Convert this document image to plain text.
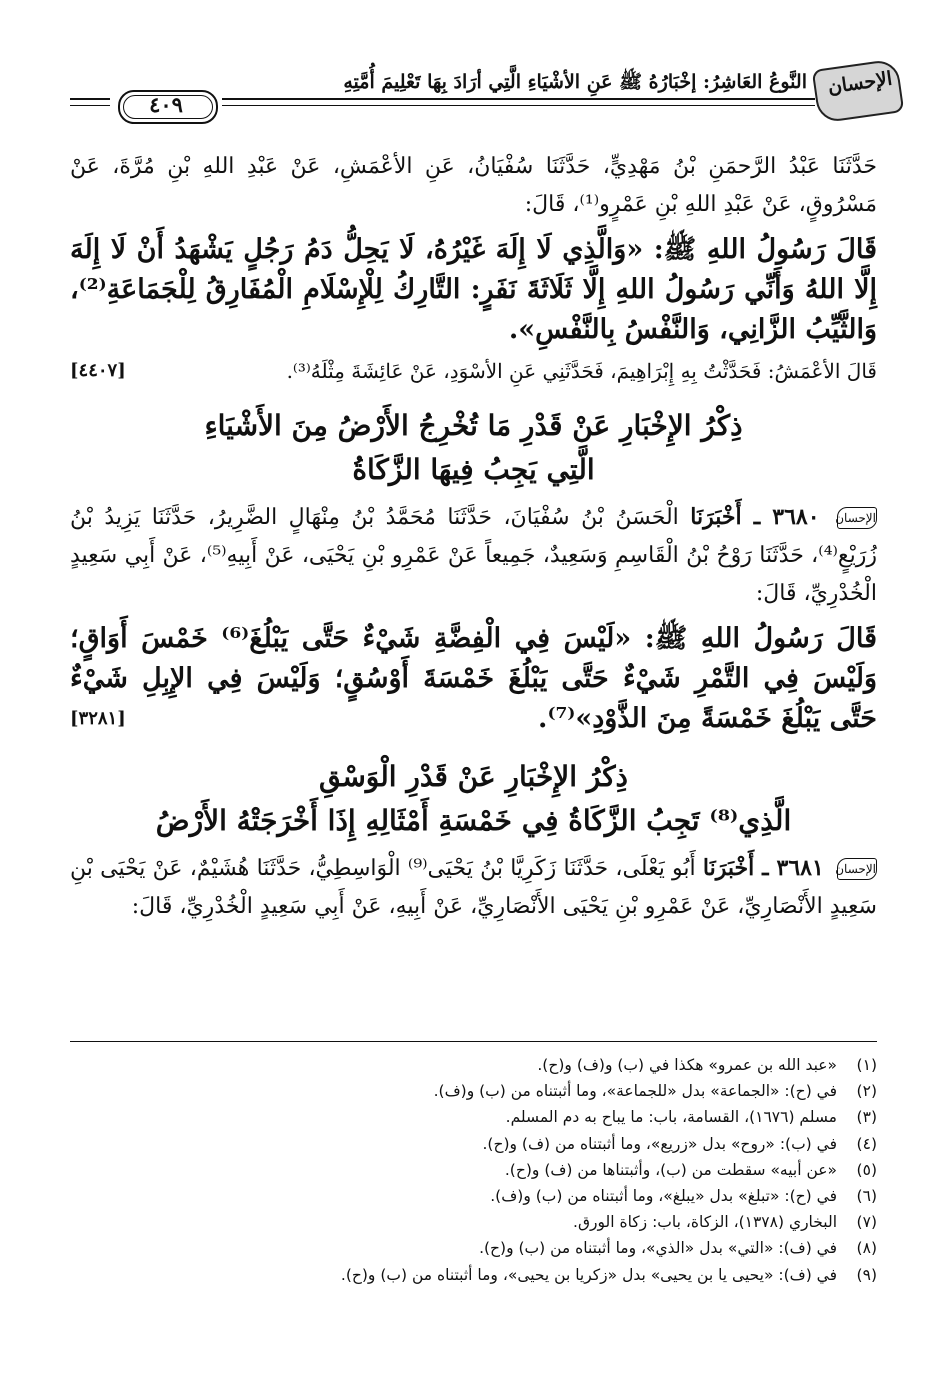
الإحسان
النَّوعُ العَاشِرُ: إخْبَارُهُ ﷺ عَنِ الأشْيَاءِ الَّتِي أرَادَ بِهَا تَعْلِيمَ أُمَّتِهِ
٤٠٩

حَدَّثَنَا عَبْدُ الرَّحمَنِ بْنُ مَهْدِيٍّ، حَدَّثَنَا سُفْيَانُ، عَنِ الأعْمَشِ، عَنْ عَبْدِ اللهِ بْنِ مُرَّةَ، عَنْ مَسْرُوقٍ، عَنْ عَبْدِ اللهِ بْنِ عَمْرٍو⁽¹⁾، قَالَ:

قَالَ رَسُولُ اللهِ ﷺ: «وَالَّذِي لَا إِلَهَ غَيْرُهُ، لَا يَحِلُّ دَمُ رَجُلٍ يَشْهَدُ أَنْ لَا إِلَهَ إِلَّا اللهُ وَأَنِّي رَسُولُ اللهِ إِلَّا ثَلَاثَةَ نَفَرٍ: التَّارِكُ لِلْإِسْلَامِ الْمُفَارِقُ لِلْجَمَاعَةِ⁽²⁾، وَالثَّيِّبُ الزَّانِي، وَالنَّفْسُ بِالنَّفْسِ».

قَالَ الأعْمَشُ: فَحَدَّثْتُ بِهِ إِبْرَاهِيمَ، فَحَدَّثَنِي عَنِ الأسْوَدِ، عَنْ عَائِشَةَ مِثْلَهُ⁽³⁾.
[٤٤٠٧]
ذِكْرُ الإِخْبَارِ عَنْ قَدْرِ مَا تُخْرِجُ الأَرْضُ مِنَ الأَشْيَاءِ
الَّتِي يَجِبُ فِيهَا الزَّكَاةُ

الإحسان ٣٦٨٠ ـ أَخْبَرَنَا الْحَسَنُ بْنُ سُفْيَانَ، حَدَّثَنَا مُحَمَّدُ بْنُ مِنْهَالٍ الضَّرِيرُ، حَدَّثَنَا يَزِيدُ بْنُ زُرَيْعٍ⁽⁴⁾، حَدَّثَنَا رَوْحُ بْنُ الْقَاسِمِ وَسَعِيدٌ، جَمِيعاً عَنْ عَمْرِو بْنِ يَحْيَى، عَنْ أَبِيهِ⁽⁵⁾، عَنْ أَبِي سَعِيدٍ الْخُدْرِيِّ، قَالَ:

قَالَ رَسُولُ اللهِ ﷺ: «لَيْسَ فِي الْفِضَّةِ شَيْءٌ حَتَّى يَبْلُغَ⁽⁶⁾ خَمْسَ أَوَاقٍ؛ وَلَيْسَ فِي التَّمْرِ شَيْءٌ حَتَّى يَبْلُغَ خَمْسَةَ أَوْسُقٍ؛ وَلَيْسَ فِي الإِبِلِ شَيْءٌ حَتَّى يَبْلُغَ خَمْسَةً مِنَ الذَّوْدِ»⁽⁷⁾.
[٣٢٨١]

ذِكْرُ الإِخْبَارِ عَنْ قَدْرِ الْوَسْقِ
الَّذِي⁽⁸⁾ تَجِبُ الزَّكَاةُ فِي خَمْسَةِ أَمْثَالِهِ إِذَا أَخْرَجَتْهُ الأَرْضُ

الإحسان ٣٦٨١ ـ أَخْبَرَنَا أَبُو يَعْلَى، حَدَّثَنَا زَكَرِيَّا بْنُ يَحْيَى⁽⁹⁾ الْوَاسِطِيُّ، حَدَّثَنَا هُشَيْمٌ، عَنْ يَحْيَى بْنِ سَعِيدٍ الأَنْصَارِيِّ، عَنْ عَمْرِو بْنِ يَحْيَى الأَنْصَارِيِّ، عَنْ أَبِيهِ، عَنْ أَبِي سَعِيدٍ الْخُدْرِيِّ، قَالَ:

(١)«عبد الله بن عمرو» هكذا في (ب) و(ف) و(ح).
(٢)في (ح): «الجماعة» بدل «للجماعة»، وما أثبتناه من (ب) و(ف).
(٣)مسلم (١٦٧٦)، القسامة، باب: ما يباح به دم المسلم.
(٤)في (ب): «روح» بدل «زريع»، وما أثبتناه من (ف) و(ح).
(٥)«عن أبيه» سقطت من (ب)، وأثبتناها من (ف) و(ح).
(٦)في (ح): «تبلغ» بدل «يبلغ»، وما أثبتناه من (ب) و(ف).
(٧)البخاري (١٣٧٨)، الزكاة، باب: زكاة الورق.
(٨)في (ف): «التي» بدل «الذي»، وما أثبتناه من (ب) و(ح).
(٩)في (ف): «يحيى يا بن يحيى» بدل «زكريا بن يحيى»، وما أثبتناه من (ب) و(ح).
